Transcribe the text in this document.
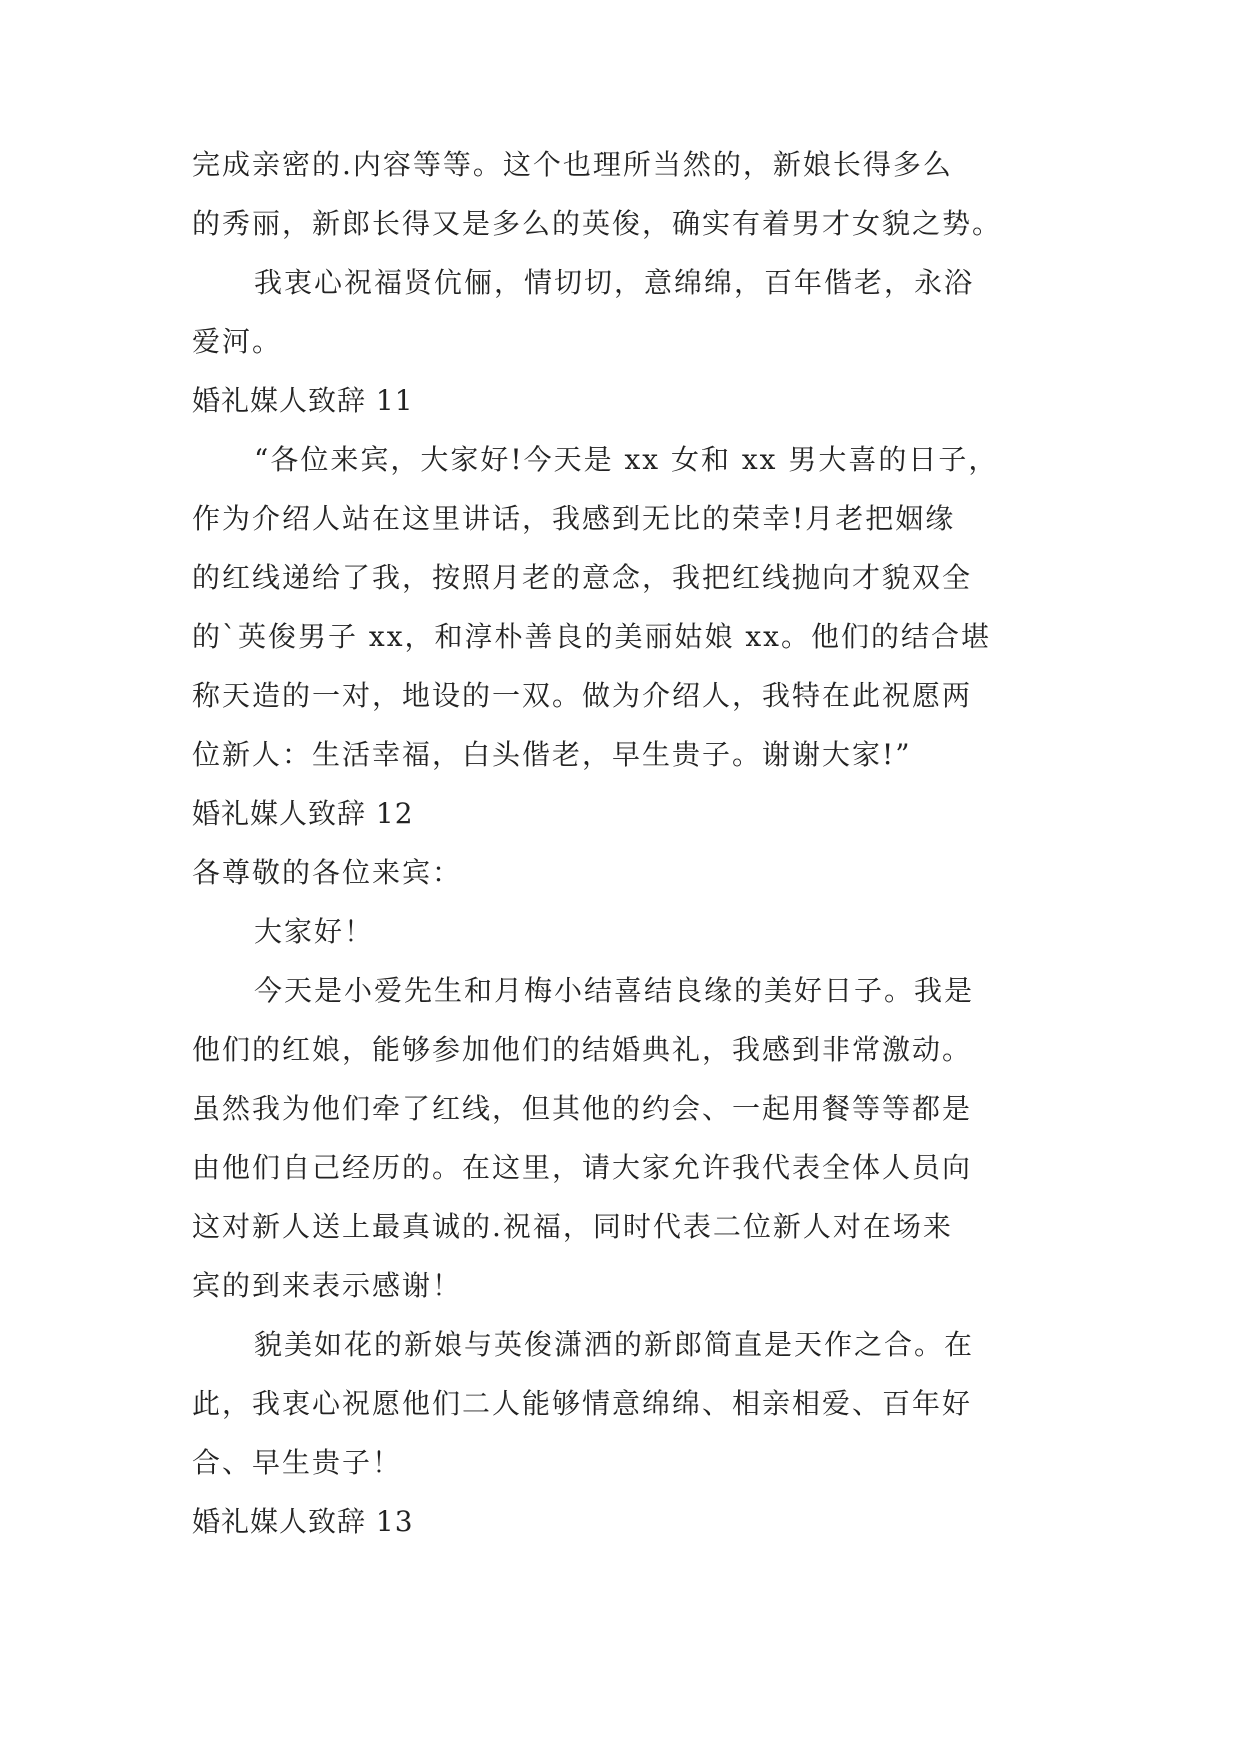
完成亲密的.内容等等。这个也理所当然的，新娘长得多么
的秀丽，新郎长得又是多么的英俊，确实有着男才女貌之势。
我衷心祝福贤伉俪，情切切，意绵绵，百年偕老，永浴
爱河。
婚礼媒人致辞 11
“各位来宾，大家好!今天是 xx 女和 xx 男大喜的日子，
作为介绍人站在这里讲话，我感到无比的荣幸!月老把姻缘
的红线递给了我，按照月老的意念，我把红线抛向才貌双全
的`英俊男子 xx，和淳朴善良的美丽姑娘 xx。他们的结合堪
称天造的一对，地设的一双。做为介绍人，我特在此祝愿两
位新人：生活幸福，白头偕老，早生贵子。谢谢大家!”
婚礼媒人致辞 12
各尊敬的各位来宾：
大家好！
今天是小爱先生和月梅小结喜结良缘的美好日子。我是
他们的红娘，能够参加他们的结婚典礼，我感到非常激动。
虽然我为他们牵了红线，但其他的约会、一起用餐等等都是
由他们自己经历的。在这里，请大家允许我代表全体人员向
这对新人送上最真诚的.祝福，同时代表二位新人对在场来
宾的到来表示感谢！
貌美如花的新娘与英俊潇洒的新郎简直是天作之合。在
此，我衷心祝愿他们二人能够情意绵绵、相亲相爱、百年好
合、早生贵子！
婚礼媒人致辞 13
